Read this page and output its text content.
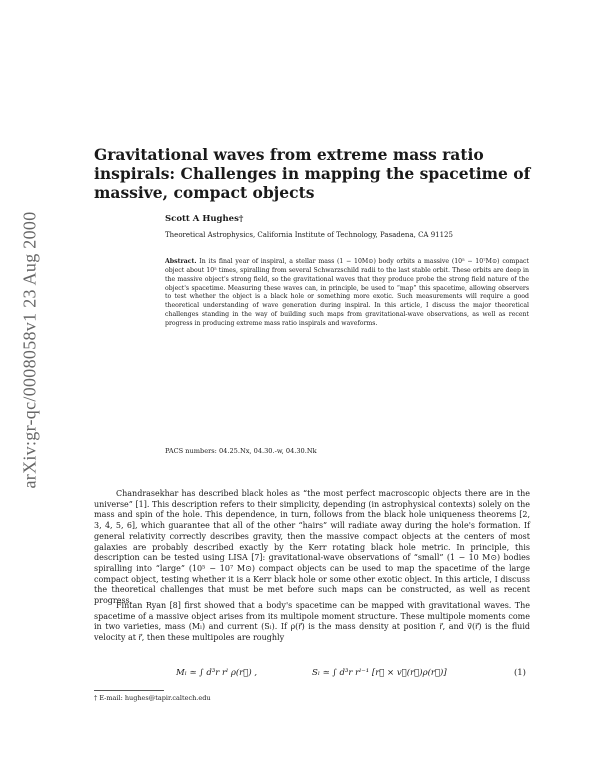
arXiv:gr-qc/0008058v1 23 Aug 2000
Gravitational waves from extreme mass ratio inspirals: Challenges in mapping the spacetime of massive, compact objects
Scott A Hughes†
Theoretical Astrophysics, California Institute of Technology, Pasadena, CA 91125

Abstract. In its final year of inspiral, a stellar mass (1 − 10M⊙) body orbits a massive (10⁵ − 10⁷M⊙) compact object about 10⁵ times, spiralling from several Schwarzschild radii to the last stable orbit. These orbits are deep in the massive object's strong field, so the gravitational waves that they produce probe the strong field nature of the object's spacetime. Measuring these waves can, in principle, be used to “map” this spacetime, allowing observers to test whether the object is a black hole or something more exotic. Such measurements will require a good theoretical understanding of wave generation during inspiral. In this article, I discuss the major theoretical challenges standing in the way of building such maps from gravitational-wave observations, as well as recent progress in producing extreme mass ratio inspirals and waveforms.

PACS numbers: 04.25.Nx, 04.30.-w, 04.30.Nk

Chandrasekhar has described black holes as “the most perfect macroscopic objects there are in the universe” [1]. This description refers to their simplicity, depending (in astrophysical contexts) solely on the mass and spin of the hole. This dependence, in turn, follows from the black hole uniqueness theorems [2, 3, 4, 5, 6], which guarantee that all of the other “hairs” will radiate away during the hole's formation. If general relativity correctly describes gravity, then the massive compact objects at the centers of most galaxies are probably described exactly by the Kerr rotating black hole metric. In principle, this description can be tested using LISA [7]: gravitational-wave observations of “small” (1 − 10 M⊙) bodies spiralling into “large” (10⁵ − 10⁷ M⊙) compact objects can be used to map the spacetime of the large compact object, testing whether it is a Kerr black hole or some other exotic object. In this article, I discuss the theoretical challenges that must be met before such maps can be constructed, as well as recent progress.

Fintan Ryan [8] first showed that a body's spacetime can be mapped with gravitational waves. The spacetime of a massive object arises from its multipole moment structure. These multipole moments come in two varieties, mass (Mₗ) and current (Sₗ). If ρ(r⃗) is the mass density at position r⃗, and v⃗(r⃗) is the fluid velocity at r⃗, then these multipoles are roughly

Mₗ ≃ ∫ d³r rˡ ρ(r⃗) ,	Sₗ ≃ ∫ d³r rˡ⁻¹ [r⃗ × v⃗(r⃗)ρ(r⃗)]	(1)
† E-mail: hughes@tapir.caltech.edu
